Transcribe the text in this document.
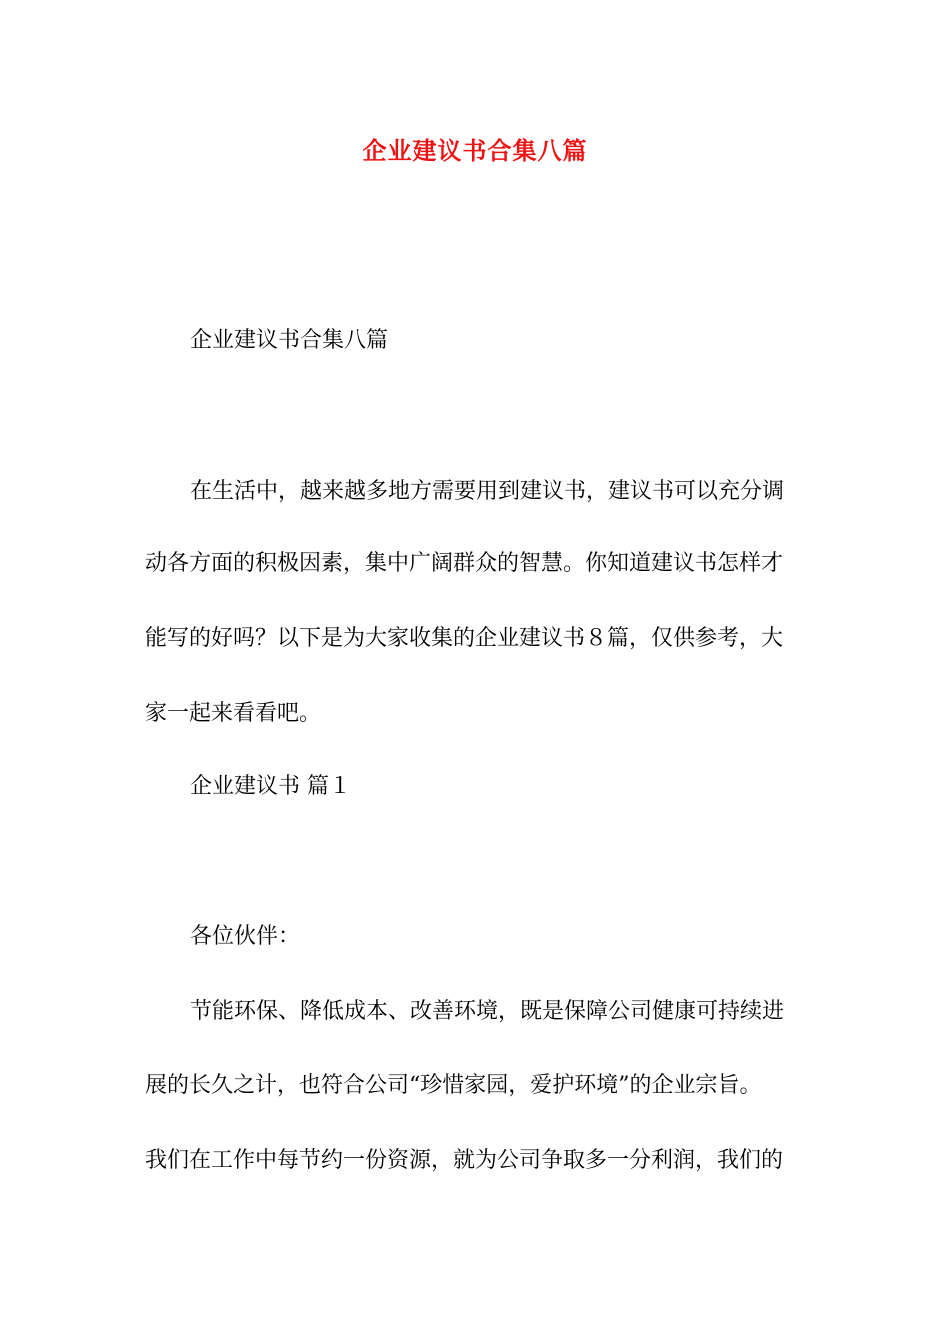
企业建议书合集八篇
企业建议书合集八篇
在生活中，越来越多地方需要用到建议书，建议书可以充分调
动各方面的积极因素，集中广阔群众的智慧。你知道建议书怎样才
能写的好吗？以下是为大家收集的企业建议书８篇，仅供参考，大
家一起来看看吧。
企业建议书 篇１
各位伙伴：
节能环保、降低成本、改善环境，既是保障公司健康可持续进
展的长久之计，也符合公司“珍惜家园，爱护环境”的企业宗旨。
我们在工作中每节约一份资源，就为公司争取多一分利润，我们的
